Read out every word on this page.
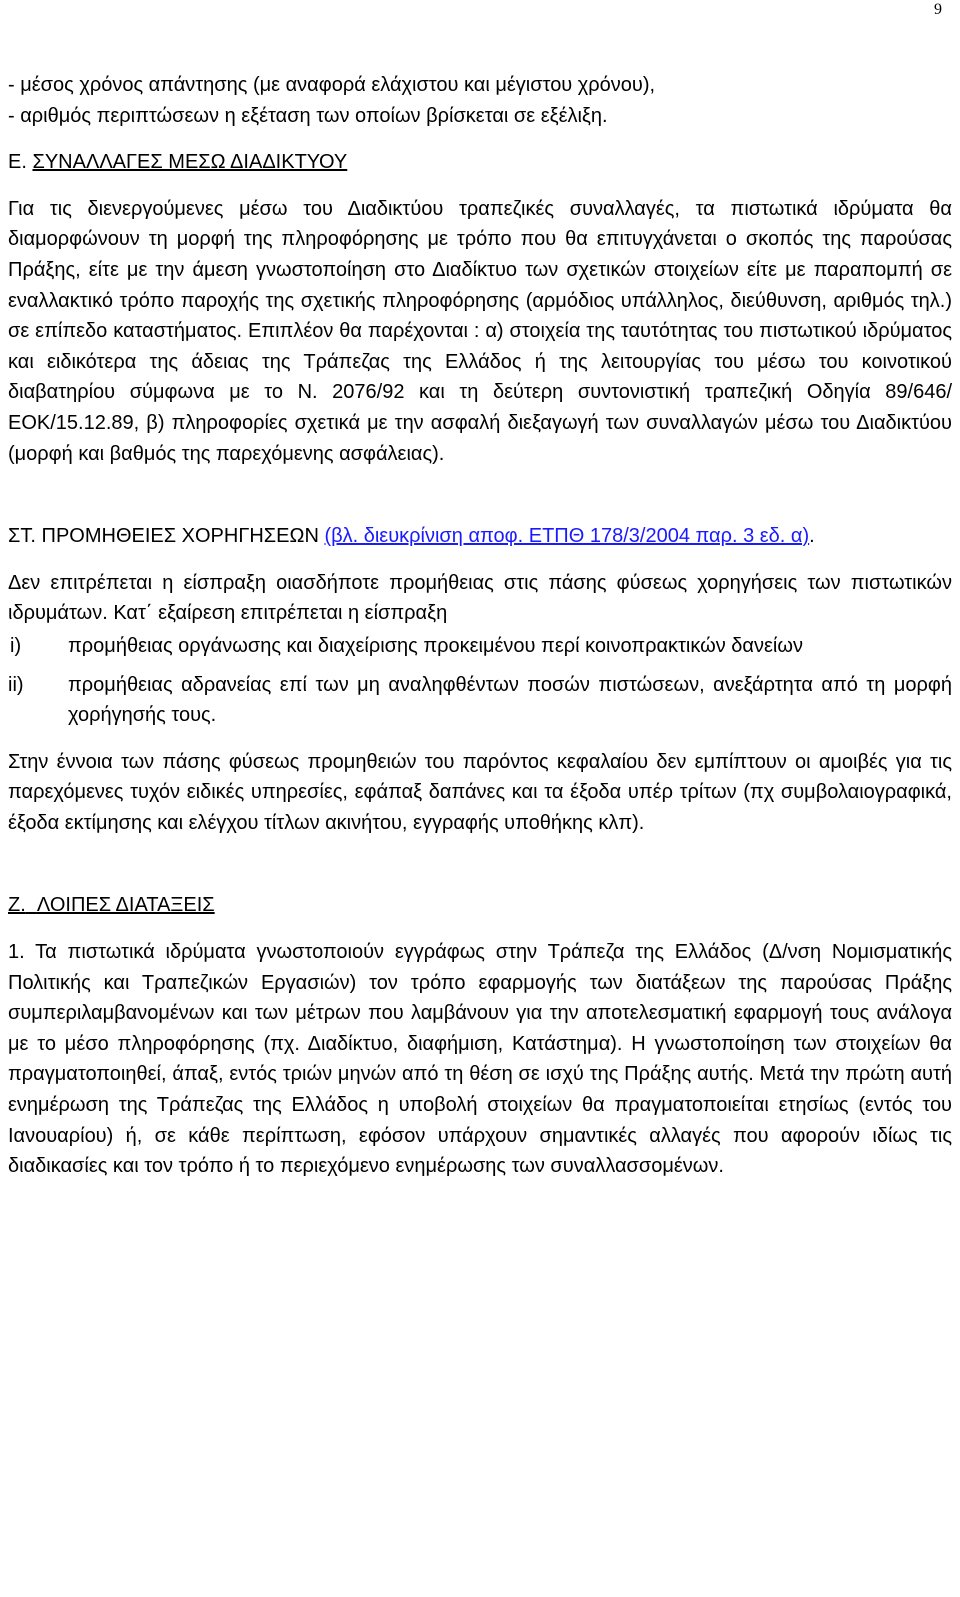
9

- μέσος χρόνος απάντησης (με αναφορά ελάχιστου και μέγιστου χρόνου),

- αριθμός περιπτώσεων η εξέταση των οποίων βρίσκεται σε εξέλιξη.

Ε. ΣΥΝΑΛΛΑΓΕΣ ΜΕΣΩ ΔΙΑΔΙΚΤΥΟΥ

Για τις διενεργούμενες μέσω του Διαδικτύου τραπεζικές συναλλαγές, τα πιστωτικά ιδρύματα θα διαμορφώνουν τη μορφή της πληροφόρησης με τρόπο που θα επιτυγχάνεται ο σκοπός της παρούσας Πράξης, είτε με την άμεση γνωστοποίηση στο Διαδίκτυο των σχετικών στοιχείων είτε με παραπομπή σε εναλλακτικό τρόπο παροχής της σχετικής πληροφόρησης (αρμόδιος υπάλληλος, διεύθυνση, αριθμός τηλ.) σε επίπεδο καταστήματος. Επιπλέον θα παρέχονται : α) στοιχεία της ταυτότητας του πιστωτικού ιδρύματος και ειδικότερα της άδειας της Τράπεζας της Ελλάδος ή της λειτουργίας του μέσω του κοινοτικού διαβατηρίου σύμφωνα με το Ν. 2076/92 και τη δεύτερη συντονιστική τραπεζική Οδηγία 89/646/ΕΟΚ/15.12.89, β) πληροφορίες σχετικά με την ασφαλή διεξαγωγή των συναλλαγών μέσω του Διαδικτύου (μορφή και βαθμός της παρεχόμενης ασφάλειας).

ΣΤ. ΠΡΟΜΗΘΕΙΕΣ ΧΟΡΗΓΗΣΕΩΝ (βλ. διευκρίνιση αποφ. ΕΤΠΘ 178/3/2004 παρ. 3 εδ. α).

Δεν επιτρέπεται η είσπραξη οιασδήποτε προμήθειας στις πάσης φύσεως χορηγήσεις των πιστωτικών ιδρυμάτων. Κατ΄ εξαίρεση επιτρέπεται η είσπραξη

i)	προμήθειας οργάνωσης και διαχείρισης προκειμένου περί κοινοπρακτικών δανείων
ii)	προμήθειας αδρανείας επί των μη αναληφθέντων ποσών πιστώσεων, ανεξάρτητα από τη μορφή χορήγησής τους.

Στην έννοια των πάσης φύσεως προμηθειών του παρόντος κεφαλαίου δεν εμπίπτουν οι αμοιβές για τις παρεχόμενες τυχόν ειδικές υπηρεσίες, εφάπαξ δαπάνες και τα έξοδα υπέρ τρίτων (πχ συμβολαιογραφικά, έξοδα εκτίμησης και ελέγχου τίτλων ακινήτου, εγγραφής υποθήκης κλπ).

Ζ. ΛΟΙΠΕΣ ΔΙΑΤΑΞΕΙΣ

1. Τα πιστωτικά ιδρύματα γνωστοποιούν εγγράφως στην Τράπεζα της Ελλάδος (Δ/νση Νομισματικής Πολιτικής και Τραπεζικών Εργασιών) τον τρόπο εφαρμογής των διατάξεων της παρούσας Πράξης συμπεριλαμβανομένων και των μέτρων που λαμβάνουν για την αποτελεσματική εφαρμογή τους ανάλογα με το μέσο πληροφόρησης (πχ. Διαδίκτυο, διαφήμιση, Κατάστημα). Η γνωστοποίηση των στοιχείων θα πραγματοποιηθεί, άπαξ, εντός τριών μηνών από τη θέση σε ισχύ της Πράξης αυτής. Μετά την πρώτη αυτή ενημέρωση της Τράπεζας της Ελλάδος η υποβολή στοιχείων θα πραγματοποιείται ετησίως (εντός του Ιανουαρίου) ή, σε κάθε περίπτωση, εφόσον υπάρχουν σημαντικές αλλαγές που αφορούν ιδίως τις διαδικασίες και τον τρόπο ή το περιεχόμενο ενημέρωσης των συναλλασσομένων.
